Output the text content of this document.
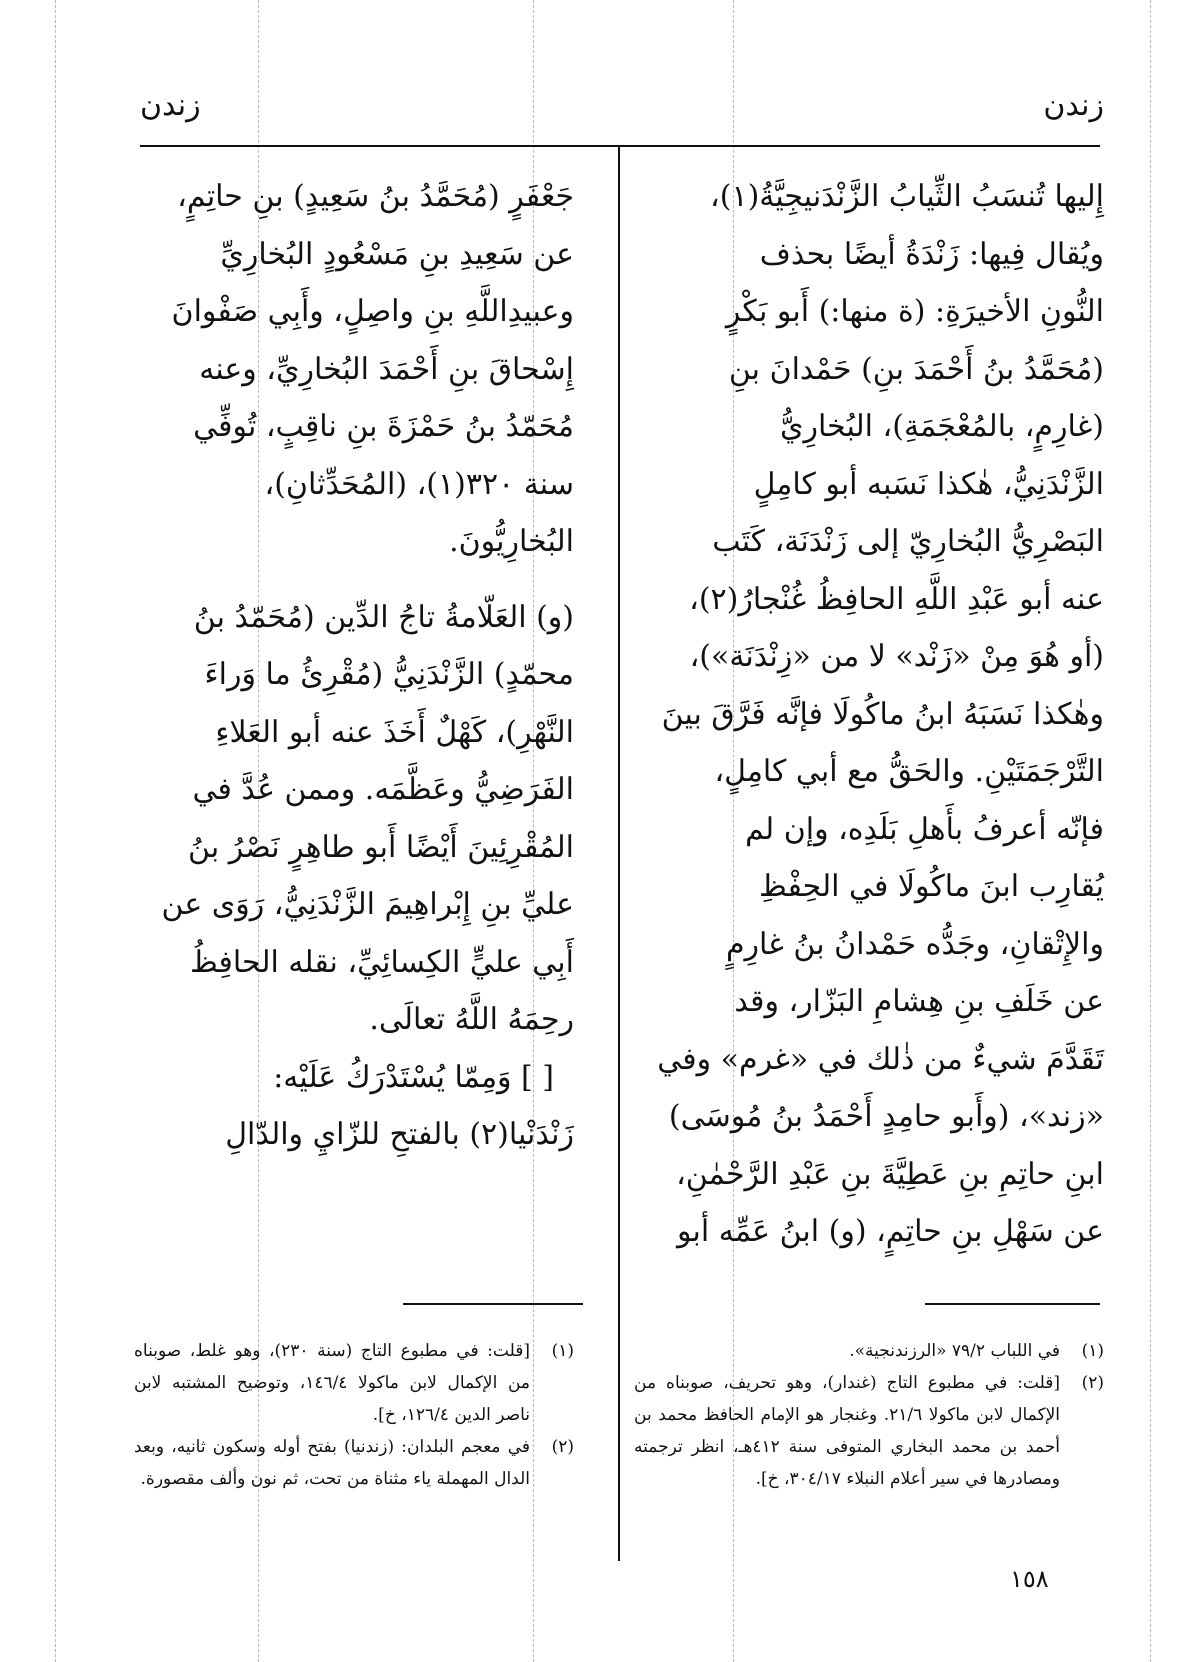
زندن
زندن

إِليها تُنسَبُ الثِّيابُ الزَّنْدَنيجِيَّةُ(١)،

ويُقال فِيها: زَنْدَةُ أيضًا بحذف

النُّونِ الأخيرَةِ: (ة منها:) أَبو بَكْرٍ

(مُحَمَّدُ بنُ أَحْمَدَ بنِ) حَمْدانَ بنِ

(غارِمٍ، بالمُعْجَمَةِ)، البُخارِيُّ

الزَّنْدَنِيُّ، هٰكذا نَسَبه أبو كامِلٍ

البَصْرِيُّ البُخارِيّ إلى زَنْدَنَة، كَتَب

عنه أبو عَبْدِ اللَّهِ الحافِظُ غُنْجارُ(٢)،

(أو هُوَ مِنْ «زَنْد» لا من «زِنْدَنَة»)،

وهٰكذا نَسَبَهُ ابنُ ماكُولَا فإنَّه فَرَّقَ بينَ

التَّرْجَمَتَيْنِ. والحَقُّ مع أبي كامِلٍ،

فإنّه أعرفُ بأَهلِ بَلَدِه، وإن لم

يُقارِب ابنَ ماكُولَا في الحِفْظِ

والإِتْقانِ، وجَدُّه حَمْدانُ بنُ غارِمٍ

عن خَلَفِ بنِ هِشامِ البَزّار، وقد

تَقَدَّمَ شيءٌ من ذٰلك في «غرم» وفي

«زند»، (وأَبو حامِدٍ أَحْمَدُ بنُ مُوسَى)

ابنِ حاتِمِ بنِ عَطِيَّةَ بنِ عَبْدِ الرَّحْمٰنِ،

عن سَهْلِ بنِ حاتِمٍ، (و) ابنُ عَمِّه أبو

جَعْفَرٍ (مُحَمَّدُ بنُ سَعِيدٍ) بنِ حاتِمٍ،

عن سَعِيدِ بنِ مَسْعُودٍ البُخارِيِّ

وعبيدِاللَّهِ بنِ واصِلٍ، وأَبِي صَفْوانَ

إِسْحاقَ بنِ أَحْمَدَ البُخارِيِّ، وعنه

مُحَمّدُ بنُ حَمْزَةَ بنِ ناقِبٍ، تُوفِّي

سنة ٣٢٠(١)، (المُحَدِّثانِ)،

البُخارِيُّونَ.

(و) العَلّامةُ تاجُ الدِّين (مُحَمّدُ بنُ

محمّدٍ) الزَّنْدَنِيُّ (مُقْرِئُ ما وَراءَ

النَّهْرِ)، كَهْلٌ أَخَذَ عنه أبو العَلاءِ

الفَرَضِيُّ وعَظَّمَه. وممن عُدَّ في

المُقْرِئِينَ أَيْضًا أَبو طاهِرٍ نَصْرُ بنُ

عليِّ بنِ إِبْراهِيمَ الزَّنْدَنِيُّ، رَوَى عن

أَبِي عليٍّ الكِسائِيِّ، نقله الحافِظُ

رحِمَهُ اللَّهُ تعالَى.

[ ] وَمِمّا يُسْتَدْرَكُ عَلَيْه:

زَنْدَنْيا(٢) بالفتحِ للزّايِ والدّالِ

(١)
في اللباب ٧٩/٢ «الرزندنجية».
(٢)
[قلت: في مطبوع التاج (غندار)، وهو تحريف، صوبناه من الإكمال لابن ماكولا ٢١/٦. وغنجار هو الإمام الحافظ محمد بن أحمد بن محمد البخاري المتوفى سنة ٤١٢هـ، انظر ترجمته ومصادرها في سير أعلام النبلاء ٣٠٤/١٧، خ].
(١)
[قلت: في مطبوع التاج (سنة ٢٣٠)، وهو غلط، صوبناه من الإكمال لابن ماكولا ١٤٦/٤، وتوضيح المشتبه لابن ناصر الدين ١٢٦/٤، خ].
(٢)
في معجم البلدان: (زندنيا) بفتح أوله وسكون ثانيه، وبعد الدال المهملة ياء مثناة من تحت، ثم نون وألف مقصورة.
١٥٨
